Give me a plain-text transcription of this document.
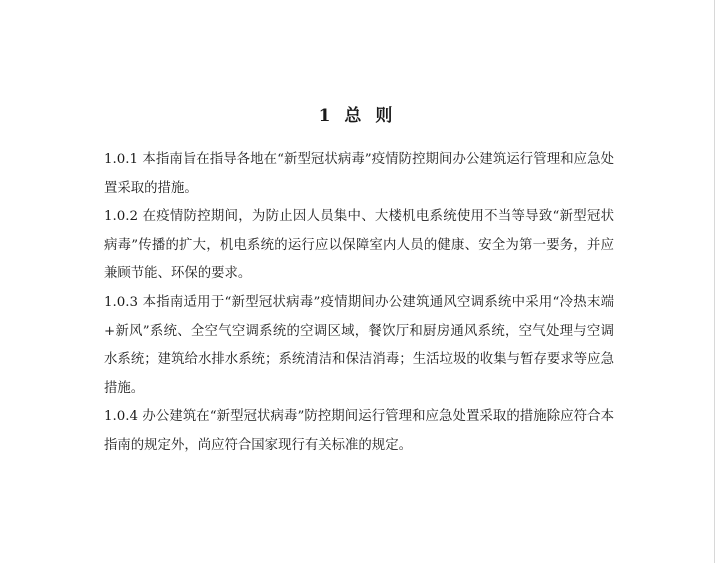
1 总 则

1.0.1 本指南旨在指导各地在“新型冠状病毒”疫情防控期间办公建筑运行管理和应急处置采取的措施。

1.0.2 在疫情防控期间，为防止因人员集中、大楼机电系统使用不当等导致“新型冠状病毒”传播的扩大，机电系统的运行应以保障室内人员的健康、安全为第一要务，并应兼顾节能、环保的要求。

1.0.3 本指南适用于“新型冠状病毒”疫情期间办公建筑通风空调系统中采用“冷热末端+新风”系统、全空气空调系统的空调区域，餐饮厅和厨房通风系统，空气处理与空调水系统；建筑给水排水系统；系统清洁和保洁消毒；生活垃圾的收集与暂存要求等应急措施。

1.0.4 办公建筑在“新型冠状病毒”防控期间运行管理和应急处置采取的措施除应符合本指南的规定外，尚应符合国家现行有关标准的规定。
